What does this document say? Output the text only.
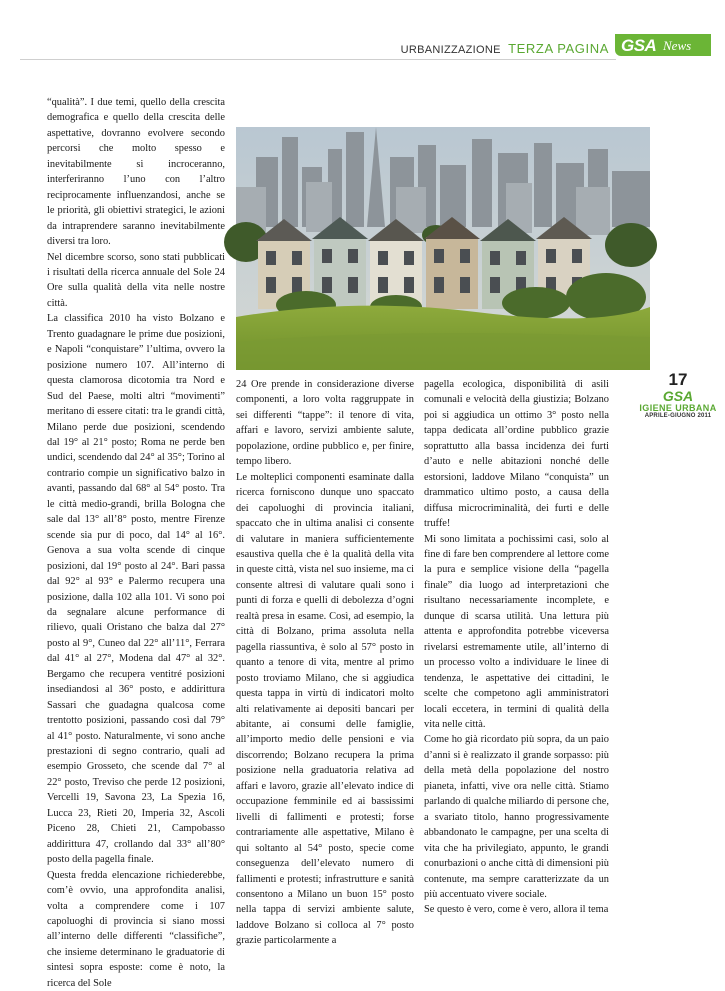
URBANIZZAZIONE TERZA PAGINA GSA News

“qualità”. I due temi, quello della crescita demografica e quello della crescita delle aspettative, dovranno evolvere secondo percorsi che molto spesso e inevitabilmente si incroceranno, interferiranno l’uno con l’altro reciprocamente influenzandosi, anche se le priorità, gli obiettivi strategici, le azioni da intraprendere saranno inevitabilmente diversi tra loro.

Nel dicembre scorso, sono stati pubblicati i risultati della ricerca annuale del Sole 24 Ore sulla qualità della vita nelle nostre città.

La classifica 2010 ha visto Bolzano e Trento guadagnare le prime due posizioni, e Napoli “conquistare” l’ultima, ovvero la posizione numero 107. All’interno di questa clamorosa dicotomia tra Nord e Sud del Paese, molti altri “movimenti” meritano di essere citati: tra le grandi città, Milano perde due posizioni, scendendo dal 19° al 21° posto; Roma ne perde ben undici, scendendo dal 24° al 35°; Torino al contrario compie un significativo balzo in avanti, passando dal 68° al 54° posto. Tra le città medio-grandi, brilla Bologna che sale dal 13° all’8° posto, mentre Firenze scende sia pur di poco, dal 14° al 16°. Genova a sua volta scende di cinque posizioni, dal 19° posto al 24°. Bari passa dal 92° al 93° e Palermo recupera una posizione, dalla 102 alla 101. Vi sono poi da segnalare alcune performance di rilievo, quali Oristano che balza dal 27° posto al 9°, Cuneo dal 22° all’11°, Ferrara dal 41° al 27°, Modena dal 47° al 32°. Bergamo che recupera ventitré posizioni insediandosi al 36° posto, e addirittura Sassari che guadagna qualcosa come trentotto posizioni, passando così dal 79° al 41° posto. Naturalmente, vi sono anche prestazioni di segno contrario, quali ad esempio Grosseto, che scende dal 7° al 22° posto, Treviso che perde 12 posizioni, Vercelli 19, Savona 23, La Spezia 16, Lucca 23, Rieti 20, Imperia 32, Ascoli Piceno 28, Chieti 21, Campobasso addirittura 47, crollando dal 33° all’80° posto della pagella finale.

Questa fredda elencazione richiederebbe, com’è ovvio, una approfondita analisi, volta a comprendere come i 107 capoluoghi di provincia si siano mossi all’interno delle differenti “classifiche”, che insieme determinano le graduatorie di sintesi sopra esposte: come è noto, la ricerca del Sole

24 Ore prende in considerazione diverse componenti, a loro volta raggruppate in sei differenti “tappe”: il tenore di vita, affari e lavoro, servizi ambiente salute, popolazione, ordine pubblico e, per finire, tempo libero.

Le molteplici componenti esaminate dalla ricerca forniscono dunque uno spaccato dei capoluoghi di provincia italiani, spaccato che in ultima analisi ci consente di valutare in maniera sufficientemente esaustiva quella che è la qualità della vita in queste città, vista nel suo insieme, ma ci consente altresì di valutare quali sono i punti di forza e quelli di debolezza d’ogni realtà presa in esame. Così, ad esempio, la città di Bolzano, prima assoluta nella pagella riassuntiva, è solo al 57° posto in quanto a tenore di vita, mentre al primo posto troviamo Milano, che si aggiudica questa tappa in virtù di indicatori molto alti relativamente ai depositi bancari per abitante, ai consumi delle famiglie, all’importo medio delle pensioni e via discorrendo; Bolzano recupera la prima posizione nella graduatoria relativa ad affari e lavoro, grazie all’elevato indice di occupazione femminile ed ai bassissimi livelli di fallimenti e protesti; forse contrariamente alle aspettative, Milano è qui soltanto al 54° posto, specie come conseguenza dell’elevato numero di fallimenti e protesti; infrastrutture e sanità consentono a Milano un buon 15° posto nella tappa di servizi ambiente salute, laddove Bolzano si colloca al 7° posto grazie particolarmente a

pagella ecologica, disponibilità di asili comunali e velocità della giustizia; Bolzano poi si aggiudica un ottimo 3° posto nella tappa dedicata all’ordine pubblico grazie soprattutto alla bassa incidenza dei furti d’auto e nelle abitazioni nonché delle estorsioni, laddove Milano “conquista” un drammatico ultimo posto, a causa della diffusa microcriminalità, dei furti e delle truffe!

Mi sono limitata a pochissimi casi, solo al fine di fare ben comprendere al lettore come la pura e semplice visione della “pagella finale” dia luogo ad interpretazioni che risultano necessariamente incomplete, e dunque di scarsa utilità. Una lettura più attenta e approfondita potrebbe viceversa rivelarsi estremamente utile, all’interno di un processo volto a individuare le linee di tendenza, le aspettative dei cittadini, le scelte che competono agli amministratori locali eccetera, in termini di qualità della vita nelle città.

Come ho già ricordato più sopra, da un paio d’anni si è realizzato il grande sorpasso: più della metà della popolazione del nostro pianeta, infatti, vive ora nelle città. Stiamo parlando di qualche miliardo di persone che, a svariato titolo, hanno progressivamente abbandonato le campagne, per una scelta di vita che ha privilegiato, appunto, le grandi conurbazioni o anche città di dimensioni più contenute, ma sempre caratterizzate da un più accentuato vivere sociale.

Se questo è vero, come è vero, allora il tema

17
GSA
IGIENE URBANA
APRILE-GIUGNO 2011
